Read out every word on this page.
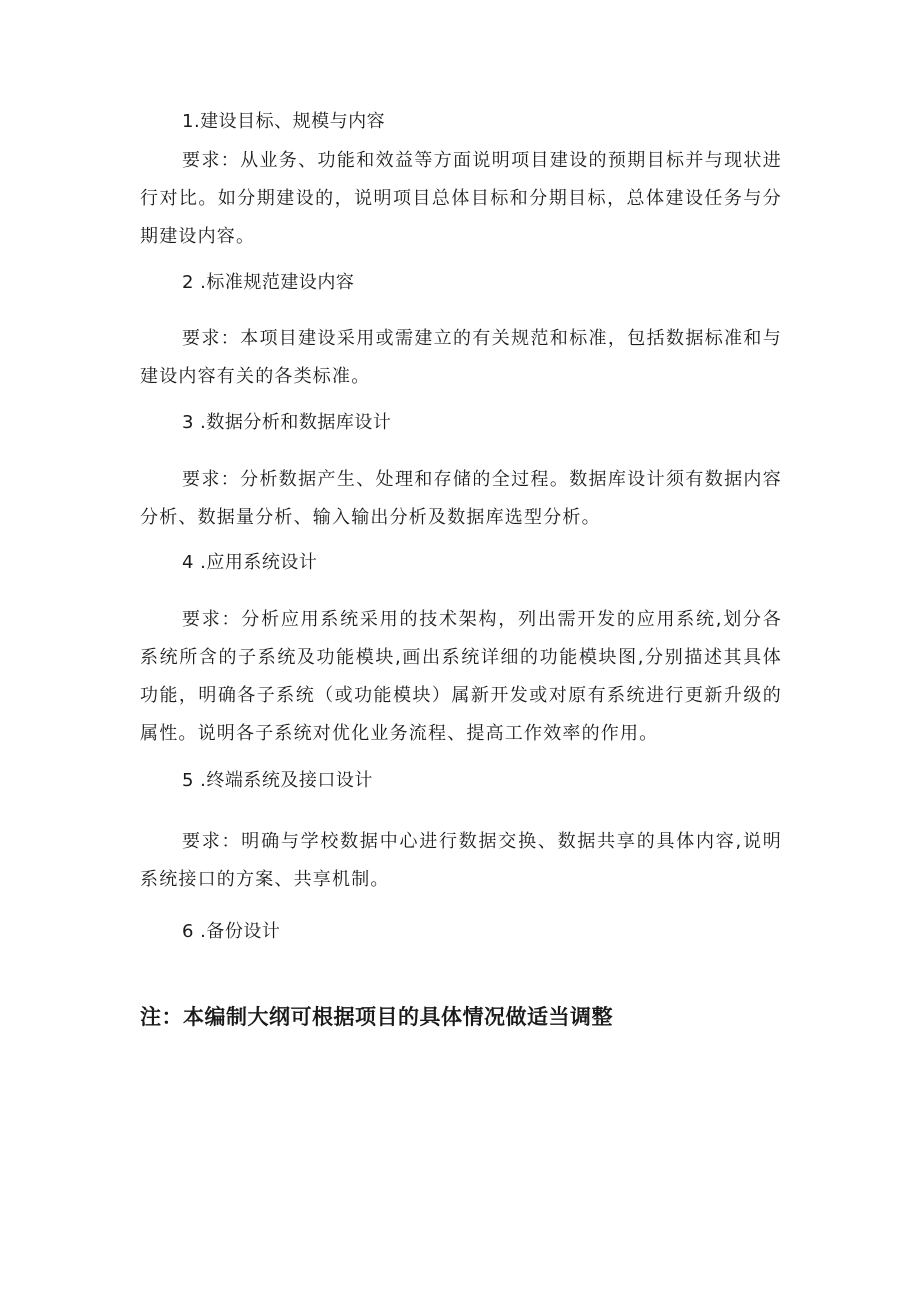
1.建设目标、规模与内容

要求：从业务、功能和效益等方面说明项目建设的预期目标并与现状进行对比。如分期建设的，说明项目总体目标和分期目标，总体建设任务与分期建设内容。

2 .标准规范建设内容

要求：本项目建设采用或需建立的有关规范和标准，包括数据标准和与建设内容有关的各类标准。

3 .数据分析和数据库设计

要求：分析数据产生、处理和存储的全过程。数据库设计须有数据内容分析、数据量分析、输入输出分析及数据库选型分析。

4 .应用系统设计

要求：分析应用系统采用的技术架构，列出需开发的应用系统,划分各系统所含的子系统及功能模块,画出系统详细的功能模块图,分别描述其具体功能，明确各子系统（或功能模块）属新开发或对原有系统进行更新升级的属性。说明各子系统对优化业务流程、提高工作效率的作用。

5 .终端系统及接口设计

要求：明确与学校数据中心进行数据交换、数据共享的具体内容,说明系统接口的方案、共享机制。

6 .备份设计
注：本编制大纲可根据项目的具体情况做适当调整
